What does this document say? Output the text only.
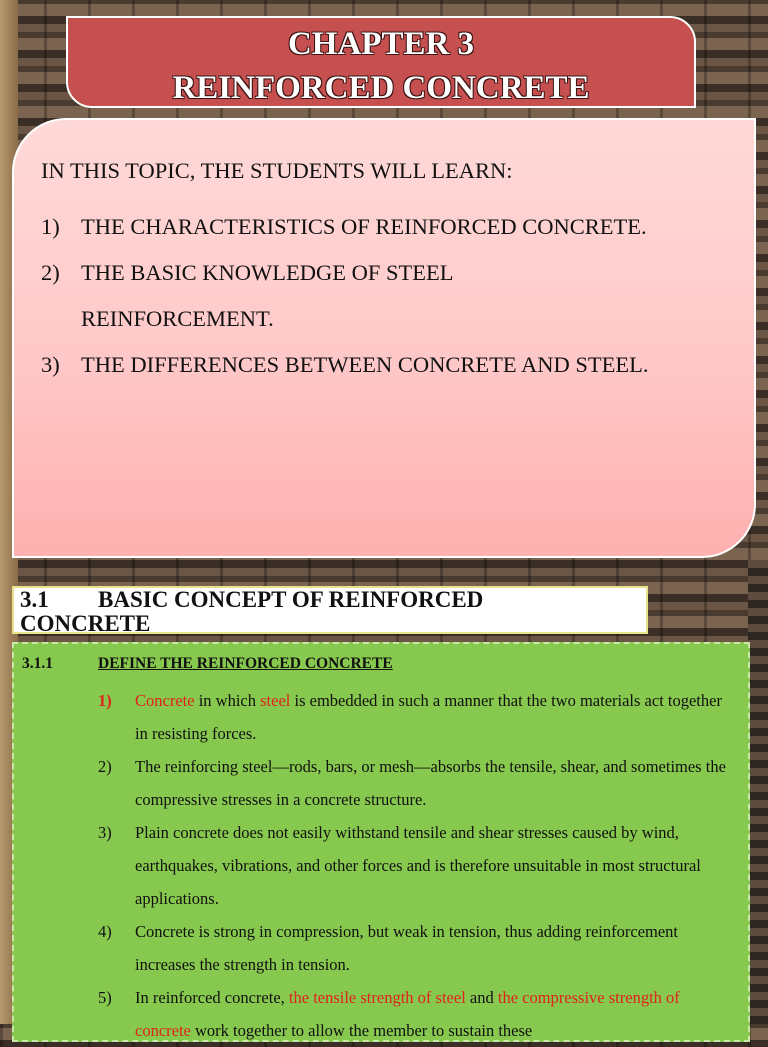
CHAPTER 3
REINFORCED CONCRETE
IN THIS TOPIC, THE STUDENTS WILL LEARN:
1) THE CHARACTERISTICS OF REINFORCED CONCRETE.
2) THE BASIC KNOWLEDGE OF STEEL
REINFORCEMENT.
3) THE DIFFERENCES BETWEEN CONCRETE AND STEEL.
3.1 BASIC CONCEPT OF REINFORCED
CONCRETE
3.1.1	DEFINE THE REINFORCED CONCRETE
1)	Concrete in which steel is embedded in such a manner that the two materials act together in resisting forces.
2)	The reinforcing steel—rods, bars, or mesh—absorbs the tensile, shear, and sometimes the compressive stresses in a concrete structure.
3)	Plain concrete does not easily withstand tensile and shear stresses caused by wind, earthquakes, vibrations, and other forces and is therefore unsuitable in most structural applications.
4)	Concrete is strong in compression, but weak in tension, thus adding reinforcement increases the strength in tension.
5)	In reinforced concrete, the tensile strength of steel and the compressive strength of concrete work together to allow the member to sustain these
